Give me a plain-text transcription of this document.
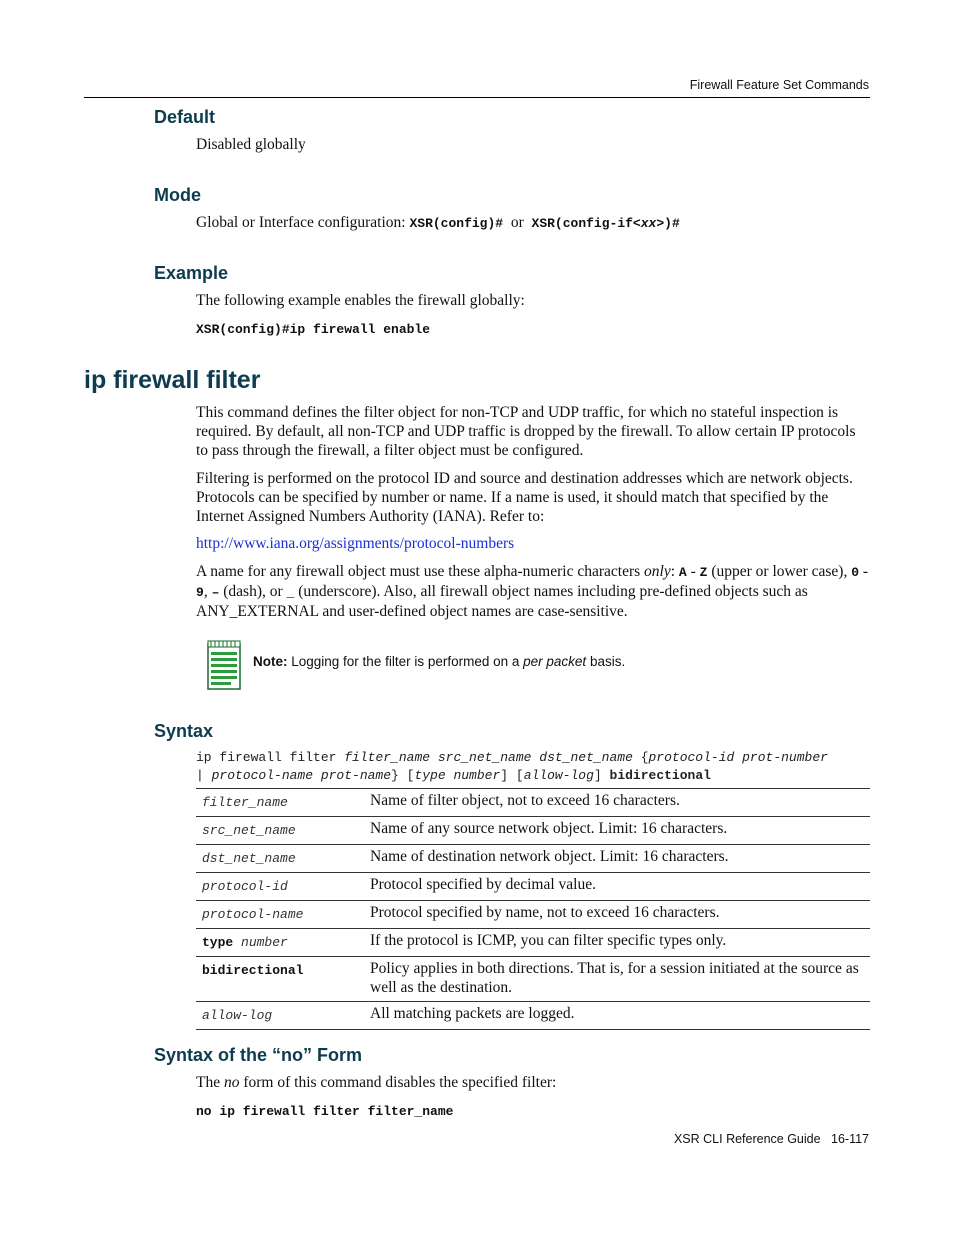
Firewall Feature Set Commands
Default
Disabled globally
Mode
Global or Interface configuration: XSR(config)# or XSR(config-if<xx>)#
Example
The following example enables the firewall globally:
XSR(config)#ip firewall enable
ip firewall filter
This command defines the filter object for non-TCP and UDP traffic, for which no stateful inspection is required. By default, all non-TCP and UDP traffic is dropped by the firewall. To allow certain IP protocols to pass through the firewall, a filter object must be configured.
Filtering is performed on the protocol ID and source and destination addresses which are network objects. Protocols can be specified by number or name. If a name is used, it should match that specified by the Internet Assigned Numbers Authority (IANA). Refer to:
http://www.iana.org/assignments/protocol-numbers
A name for any firewall object must use these alpha-numeric characters only: A - Z (upper or lower case), 0 - 9, – (dash), or _ (underscore). Also, all firewall object names including pre-defined objects such as ANY_EXTERNAL and user-defined object names are case-sensitive.
Note: Logging for the filter is performed on a per packet basis.
Syntax
ip firewall filter filter_name src_net_name dst_net_name {protocol-id prot-number
| protocol-name prot-name} [type number] [allow-log] bidirectional
filter_name	Name of filter object, not to exceed 16 characters.
src_net_name	Name of any source network object. Limit: 16 characters.
dst_net_name	Name of destination network object. Limit: 16 characters.
protocol-id	Protocol specified by decimal value.
protocol-name	Protocol specified by name, not to exceed 16 characters.
type number	If the protocol is ICMP, you can filter specific types only.
bidirectional	Policy applies in both directions. That is, for a session initiated at the source as well as the destination.
allow-log	All matching packets are logged.
Syntax of the “no” Form
The no form of this command disables the specified filter:
no ip firewall filter filter_name
XSR CLI Reference Guide 16-117
